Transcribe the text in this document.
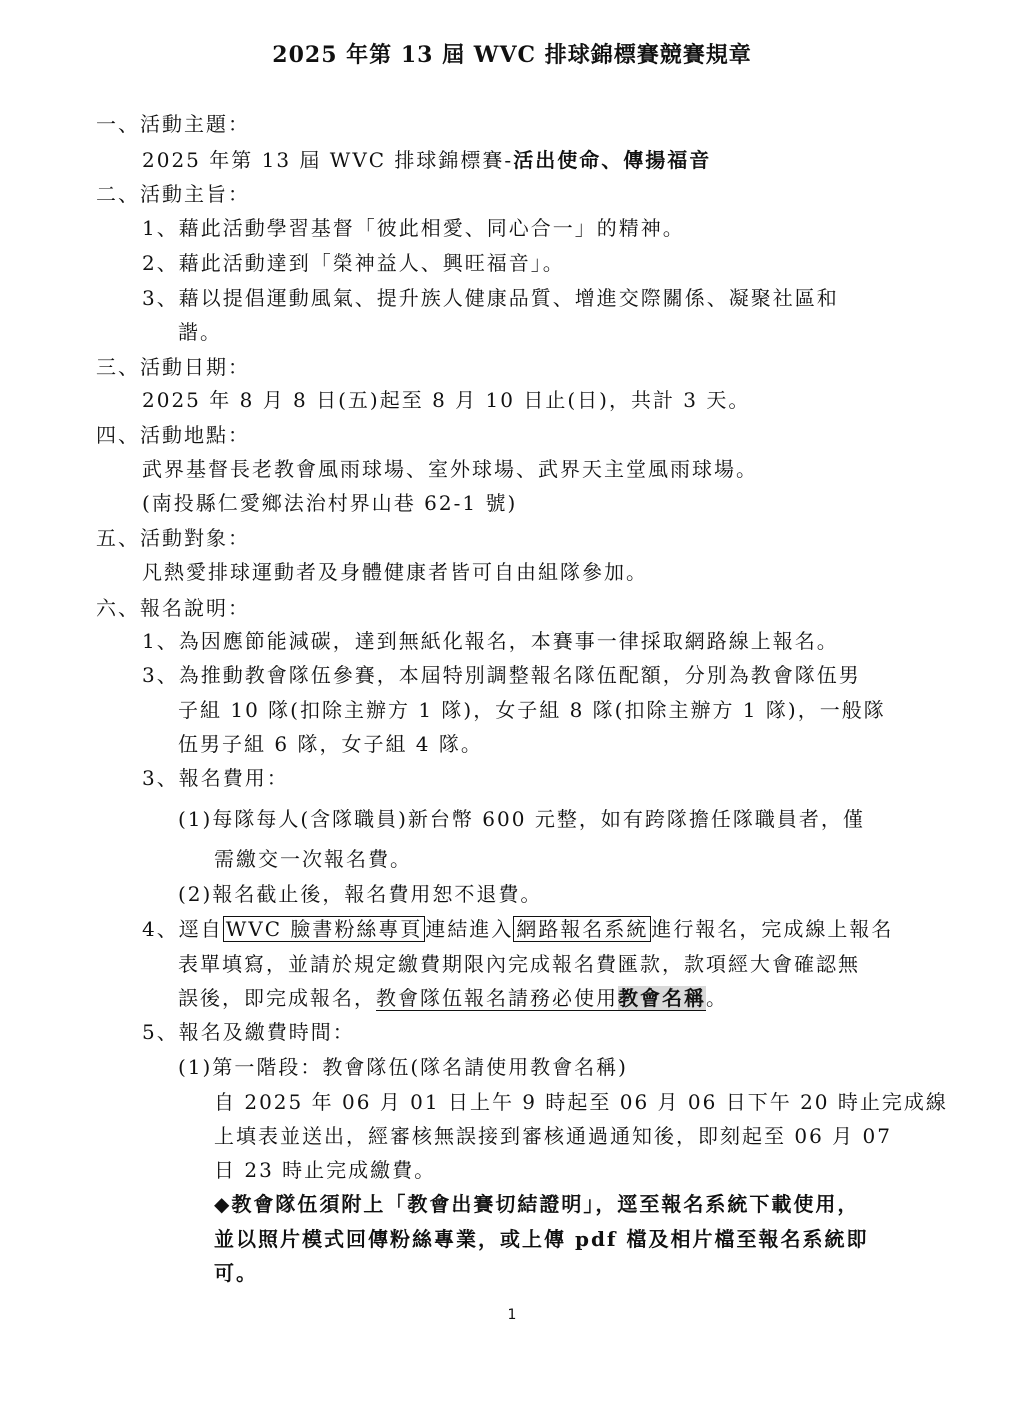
2025 年第 13 屆 WVC 排球錦標賽競賽規章
一、活動主題：
2025 年第 13 屆 WVC 排球錦標賽-活出使命、傳揚福音
二、活動主旨：
1、藉此活動學習基督「彼此相愛、同心合一」的精神。
2、藉此活動達到「榮神益人、興旺福音」。
3、藉以提倡運動風氣、提升族人健康品質、增進交際關係、凝聚社區和
諧。
三、活動日期：
2025 年 8 月 8 日(五)起至 8 月 10 日止(日)，共計 3 天。
四、活動地點：
武界基督長老教會風雨球場、室外球場、武界天主堂風雨球場。
(南投縣仁愛鄉法治村界山巷 62-1 號)
五、活動對象：
凡熱愛排球運動者及身體健康者皆可自由組隊參加。
六、報名說明：
1、為因應節能減碳，達到無紙化報名，本賽事一律採取網路線上報名。
3、為推動教會隊伍參賽，本屆特別調整報名隊伍配額，分別為教會隊伍男
子組 10 隊(扣除主辦方 1 隊)，女子組 8 隊(扣除主辦方 1 隊)，一般隊
伍男子組 6 隊，女子組 4 隊。
3、報名費用：
(1)每隊每人(含隊職員)新台幣 600 元整，如有跨隊擔任隊職員者，僅
需繳交一次報名費。
(2)報名截止後，報名費用恕不退費。
4、逕自 WVC 臉書粉絲專頁 連結進入 網路報名系統 進行報名，完成線上報名
表單填寫，並請於規定繳費期限內完成報名費匯款，款項經大會確認無
誤後，即完成報名，教會隊伍報名請務必使用教會名稱。
5、報名及繳費時間：
(1)第一階段：教會隊伍(隊名請使用教會名稱)
自 2025 年 06 月 01 日上午 9 時起至 06 月 06 日下午 20 時止完成線
上填表並送出，經審核無誤接到審核通過通知後，即刻起至 06 月 07
日 23 時止完成繳費。
◆教會隊伍須附上「教會出賽切結證明」，逕至報名系統下載使用，
並以照片模式回傳粉絲專業，或上傳 pdf 檔及相片檔至報名系統即
可。
1
